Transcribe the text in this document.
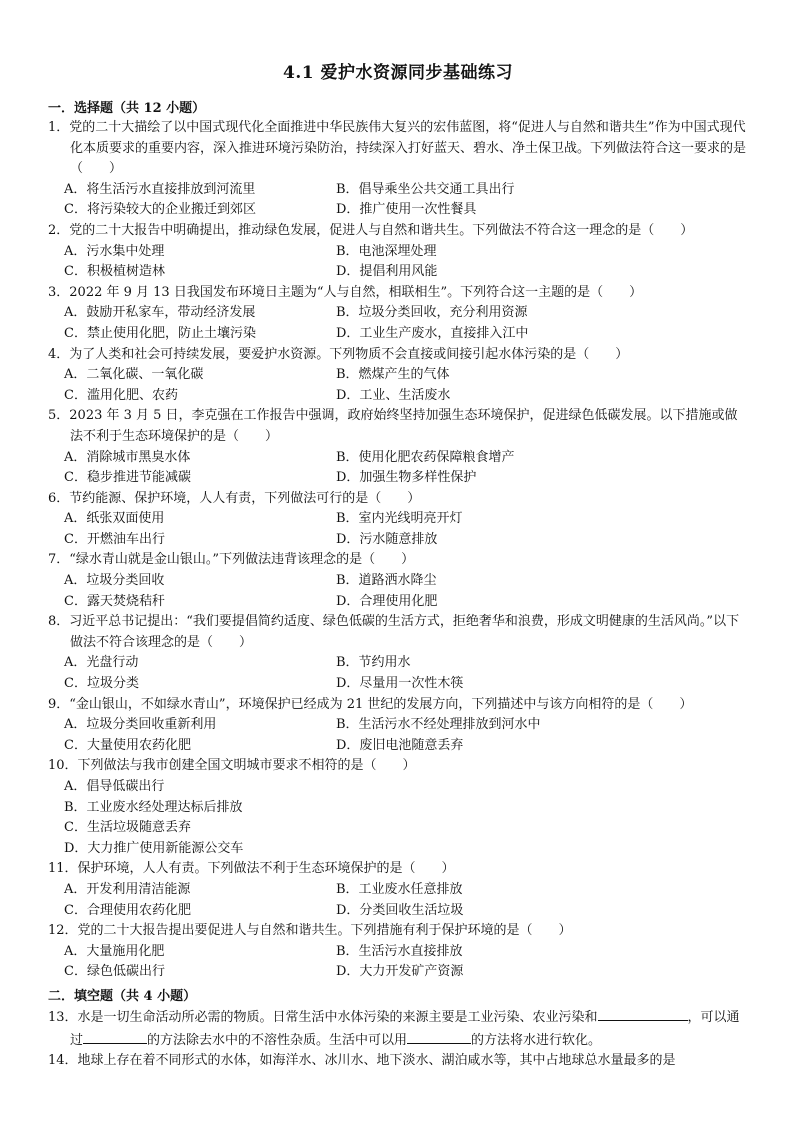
4.1 爱护水资源同步基础练习
一．选择题（共 12 小题）
1．党的二十大描绘了以中国式现代化全面推进中华民族伟大复兴的宏伟蓝图，将“促进人与自然和谐共生”作为中国式现代化本质要求的重要内容，深入推进环境污染防治，持续深入打好蓝天、碧水、净土保卫战。下列做法符合这一要求的是（　　）
A．将生活污水直接排放到河流里	B．倡导乘坐公共交通工具出行
C．将污染较大的企业搬迁到郊区	D．推广使用一次性餐具
2．党的二十大报告中明确提出，推动绿色发展，促进人与自然和谐共生。下列做法不符合这一理念的是（　　）
A．污水集中处理	B．电池深埋处理
C．积极植树造林	D．提倡利用风能
3．2022 年 9 月 13 日我国发布环境日主题为“人与自然，相联相生”。下列符合这一主题的是（　　）
A．鼓励开私家车，带动经济发展	B．垃圾分类回收，充分利用资源
C．禁止使用化肥，防止土壤污染	D．工业生产废水，直接排入江中
4．为了人类和社会可持续发展，要爱护水资源。下列物质不会直接或间接引起水体污染的是（　　）
A．二氧化碳、一氧化碳	B．燃煤产生的气体
C．滥用化肥、农药	D．工业、生活废水
5．2023 年 3 月 5 日，李克强在工作报告中强调，政府始终坚持加强生态环境保护，促进绿色低碳发展。以下措施或做法不利于生态环境保护的是（　　）
A．消除城市黑臭水体	B．使用化肥农药保障粮食增产
C．稳步推进节能减碳	D．加强生物多样性保护
6．节约能源、保护环境，人人有责，下列做法可行的是（　　）
A．纸张双面使用	B．室内光线明亮开灯
C．开燃油车出行	D．污水随意排放
7．“绿水青山就是金山银山。”下列做法违背该理念的是（　　）
A．垃圾分类回收	B．道路洒水降尘
C．露天焚烧秸秆	D．合理使用化肥
8．习近平总书记提出：“我们要提倡简约适度、绿色低碳的生活方式，拒绝奢华和浪费，形成文明健康的生活风尚。”以下做法不符合该理念的是（　　）
A．光盘行动	B．节约用水
C．垃圾分类	D．尽量用一次性木筷
9．“金山银山，不如绿水青山”，环境保护已经成为 21 世纪的发展方向，下列描述中与该方向相符的是（　　）
A．垃圾分类回收重新利用	B．生活污水不经处理排放到河水中
C．大量使用农药化肥	D．废旧电池随意丢弃
10．下列做法与我市创建全国文明城市要求不相符的是（　　）
A．倡导低碳出行
B．工业废水经处理达标后排放
C．生活垃圾随意丢弃
D．大力推广使用新能源公交车
11．保护环境，人人有责。下列做法不利于生态环境保护的是（　　）
A．开发利用清洁能源	B．工业废水任意排放
C．合理使用农药化肥	D．分类回收生活垃圾
12．党的二十大报告提出要促进人与自然和谐共生。下列措施有利于保护环境的是（　　）
A．大量施用化肥	B．生活污水直接排放
C．绿色低碳出行	D．大力开发矿产资源
二．填空题（共 4 小题）
13．水是一切生命活动所必需的物质。日常生活中水体污染的来源主要是工业污染、农业污染和	，可以通过	的方法除去水中的不溶性杂质。生活中可以用	的方法将水进行软化。
14．地球上存在着不同形式的水体，如海洋水、冰川水、地下淡水、湖泊咸水等，其中占地球总水量最多的是
